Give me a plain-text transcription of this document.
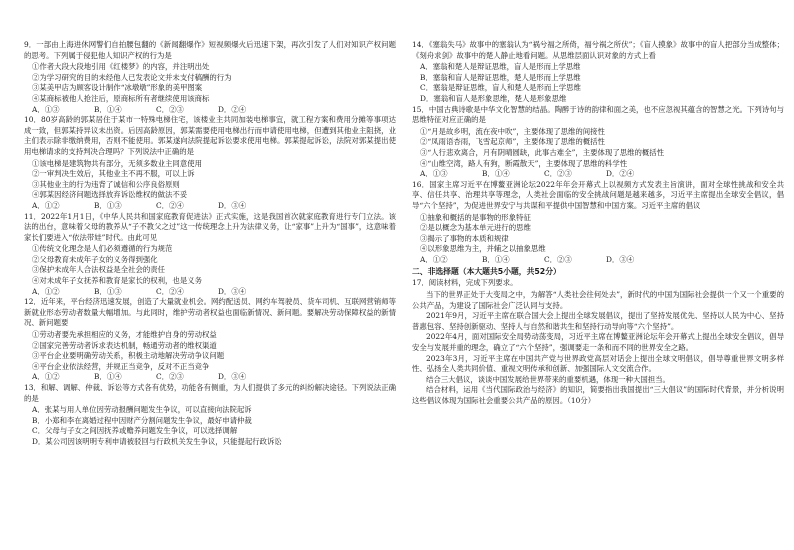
9．一部由上海进休网警们自拍腰包翻的《新闻翻爆作》短视频爆火后迅速下架，再次引发了人们对知识产权问题的思考。下列属于侵犯他人知识产权的行为是

①作者大段大段地引用《红楼梦》的内容，并注明出处

②为学习研究的目的未经他人已发表论文并未支付稿酬的行为

③某美甲店为顾客设计制作“冰墩墩”形象的美甲图案

④某商标被他人抢注后，原商标所有者继续使用该商标

A．①③	B．①④	C．②③	D．②④

10．80岁高龄的郭某居住于某市一特殊电梯住宅，该楼业主共同加装电梯事宜，就工程方案和费用分摊等事项达成一致，但郭某持异议未出资。后因高龄原因，郭某需要使用电梯出行而申请使用电梯，但遭到其他业主阻挠，业主们表示除非缴纳费用，否则不能使用。郭某遂向法院提起诉讼要求使用电梯。郭某提起诉讼，法院对郭某提出使用电梯请求的支持判决合理吗？下列说法中正确的是

①该电梯是建筑物共有部分，无须多数业主同意使用

②一审判决生效后，其他业主不再不服，可以上诉

③其他业主的行为违背了诚信和公序良俗原则

④郭某因经济问题选择放弃诉讼维权的做法不妥

A．①②	B．①③	C．②④	D．③④

11．2022年1月1日，《中华人民共和国家庭教育促进法》正式实施，这是我国首次就家庭教育进行专门立法。该法的出台，意味着父母的教养从“子不教父之过”这一传统理念上升为法律义务，让“家事”上升为“国事”，这意味着家长们要进入“依法带娃”时代。由此可见

①传统文化理念是人们必须遵循的行为规范

②父母教育未成年子女的义务得到强化

③保护未成年人合法权益是全社会的责任

④对未成年子女抚养和教育是家长的权利，也是义务

A．①②	B．①③	C．②④	D．③④

12．近年来，平台经济迅速发展，创造了大量就业机会。网约配送员、网约车驾驶员、货车司机、互联网营销师等新就业形态劳动者数量大幅增加。与此同时，维护劳动者权益也面临新情况、新问题。要解决劳动保障权益的新情况、新问题要

①劳动者要先承担相应的义务，才能维护自身的劳动权益

②国家完善劳动者诉求表达机制，畅通劳动者的维权渠道

③平台企业要明确劳动关系，积极主动地解决劳动争议问题

④平台企业依法经营，并规正当竞争，反对不正当竞争

A．①②	B．①④	C．②③	D．③④

13．和解、调解、仲裁、诉讼等方式各有优势，功能各有侧重，为人们提供了多元的纠纷解决途径。下列说法正确的是

A．张某与用人单位因劳动报酬问题发生争议，可以直接向法院起诉

B．小郑和李在离婚过程中因财产分割问题发生争议，最好申请仲裁

C．父母与子女之间因抚养或赡养问题发生争议，可以选择调解

D．某公司因该明明专利申请被驳回与行政机关发生争议，只能提起行政诉讼

14．《塞翁失马》故事中的塞翁认为“祸兮福之所倚，福兮祸之所伏”；《盲人摸象》故事中的盲人把部分当成整体；《刻舟求剑》故事中的楚人静止地看问题。从思维层面认识对象的方式上看

A．塞翁和楚人是辩证思维，盲人是形而上学思维

B．塞翁和盲人是辩证思维，楚人是形而上学思维

C．塞翁是辩证思维，盲人和楚人是形而上学思维

D．塞翁和盲人是形象思维，楚人是形象思维

15．中国古典诗歌是中华文化智慧的结晶。陶醉于诗的韵律和面之美，也不应忽视其蕴含的智慧之光。下列诗句与思维特征对应正确的是

①“月是故乡明，流在夜中吹”，主要体现了思维的间接性

②“凤雨语杏雨，飞雪起京师”，主要体现了思维的概括性

③“人行悲欢离合，月有阴晴圆缺，此事古难全”，主要体现了思维的概括性

④“山维空湾，路人有狗，断霞散天”，主要体现了思维的科学性

A．①③	B．①④	C．②③	D．②④

16．国家主席习近平在博鳌亚洲论坛2022年年会开幕式上以视频方式发表主旨演讲，面对全球性挑战和安全共享、信任共享、治理共享等理念，人类社会面临的安全挑战问题是越来越多，习近平主席提出全球安全倡议，倡导“六个坚持”，为促进世界安宁与共谋和平提供中国智慧和中国方案。习近平主席的倡议

①抽象和概括的是事物的形象特征

②是以概念为基本单元进行的思维

③揭示了事物的本质和规律

④以形象思维为主，并辅之以抽象思维

A．①②	B．①④	C．②③	D．③④

二、非选择题（本大题共5小题，共52分）

17．阅读材料，完成下列要求。

当下的世界正处于大变局之中，为解答“人类社会往何处去”，新时代的中国为国际社会提供一个又一个重要的公共产品，为建设了国际社会广泛认同与支持。

2021年9月，习近平主席在联合国大会上提出全球发展倡议，提出了坚持发展优先、坚持以人民为中心、坚持普惠包容、坚持创新驱动、坚持人与自然和谐共生和坚持行动导向等“六个坚持”。

2022年4月，面对国际安全局势动荡变局，习近平主席在博鳌亚洲论坛年会开幕式上提出全球安全倡议，倡导安全与发展并重的理念，确立了“六个坚持”，强调要走一条和而不同的世界安全之路。

2023年3月，习近平主席在中国共产党与世界政党高层对话会上提出全球文明倡议，倡导尊重世界文明多样性、弘扬全人类共同价值、重视文明传承和创新、加强国际人文交流合作。

结合三大倡议，谈谈中国发展给世界带来的重要机遇，体现一种大国担当。

结合材料，运用《当代国际政治与经济》的知识，简要指出我国提出“三大倡议”的国际时代背景，并分析说明这些倡议体现为国际社会重要公共产品的原因。（10分）
